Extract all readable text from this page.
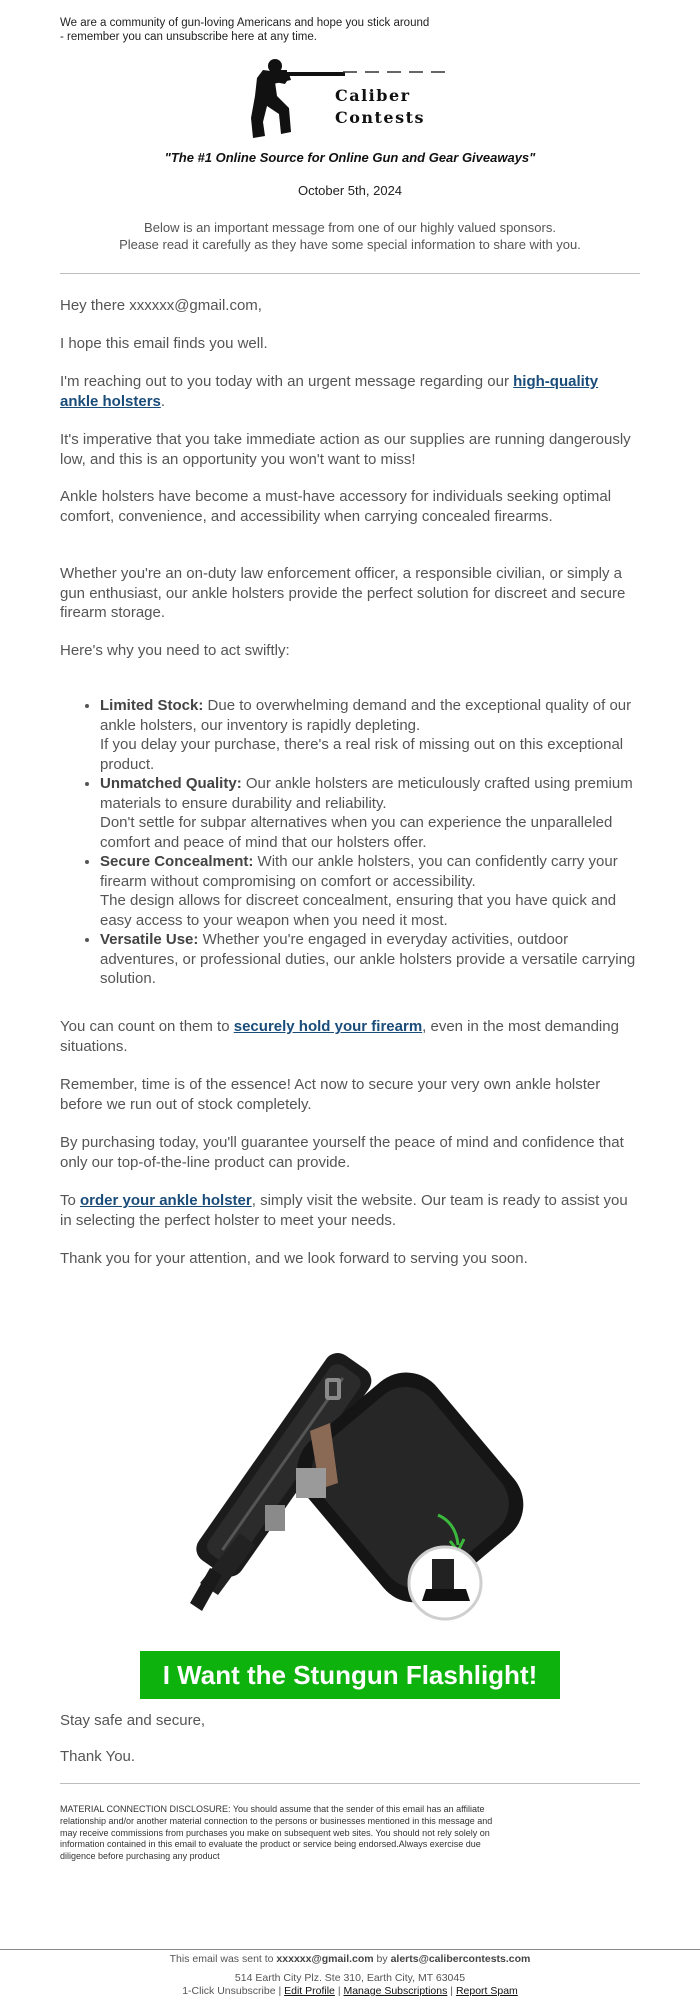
We are a community of gun-loving Americans and hope you stick around
- remember you can unsubscribe here at any time.
Caliber
Contests
"The #1 Online Source for Online Gun and Gear Giveaways"
October 5th, 2024
Below is an important message from one of our highly valued sponsors.
Please read it carefully as they have some special information to share with you.
Hey there xxxxxx@gmail.com,
I hope this email finds you well.
I'm reaching out to you today with an urgent message regarding our high-quality ankle holsters.
It's imperative that you take immediate action as our supplies are running dangerously low, and this is an opportunity you won't want to miss!
Ankle holsters have become a must-have accessory for individuals seeking optimal comfort, convenience, and accessibility when carrying concealed firearms.
Whether you're an on-duty law enforcement officer, a responsible civilian, or simply a gun enthusiast, our ankle holsters provide the perfect solution for discreet and secure firearm storage.
Here's why you need to act swiftly:
• Limited Stock: Due to overwhelming demand and the exceptional quality of our ankle holsters, our inventory is rapidly depleting.
If you delay your purchase, there's a real risk of missing out on this exceptional product.
• Unmatched Quality: Our ankle holsters are meticulously crafted using premium materials to ensure durability and reliability.
Don't settle for subpar alternatives when you can experience the unparalleled comfort and peace of mind that our holsters offer.
• Secure Concealment: With our ankle holsters, you can confidently carry your firearm without compromising on comfort or accessibility.
The design allows for discreet concealment, ensuring that you have quick and easy access to your weapon when you need it most.
• Versatile Use: Whether you're engaged in everyday activities, outdoor adventures, or professional duties, our ankle holsters provide a versatile carrying solution.
You can count on them to securely hold your firearm, even in the most demanding situations.
Remember, time is of the essence! Act now to secure your very own ankle holster before we run out of stock completely.
By purchasing today, you'll guarantee yourself the peace of mind and confidence that only our top-of-the-line product can provide.
To order your ankle holster, simply visit the website. Our team is ready to assist you in selecting the perfect holster to meet your needs.
Thank you for your attention, and we look forward to serving you soon.
I Want the Stungun Flashlight!
Stay safe and secure,
Thank You.
MATERIAL CONNECTION DISCLOSURE: You should assume that the sender of this email has an affiliate relationship and/or another material connection to the persons or businesses mentioned in this message and may receive commissions from purchases you make on subsequent web sites. You should not rely solely on information contained in this email to evaluate the product or service being endorsed.Always exercise due diligence before purchasing any product
This email was sent to xxxxxx@gmail.com by alerts@calibercontests.com
514 Earth City Plz. Ste 310, Earth City, MT 63045
1-Click Unsubscribe | Edit Profile | Manage Subscriptions | Report Spam
